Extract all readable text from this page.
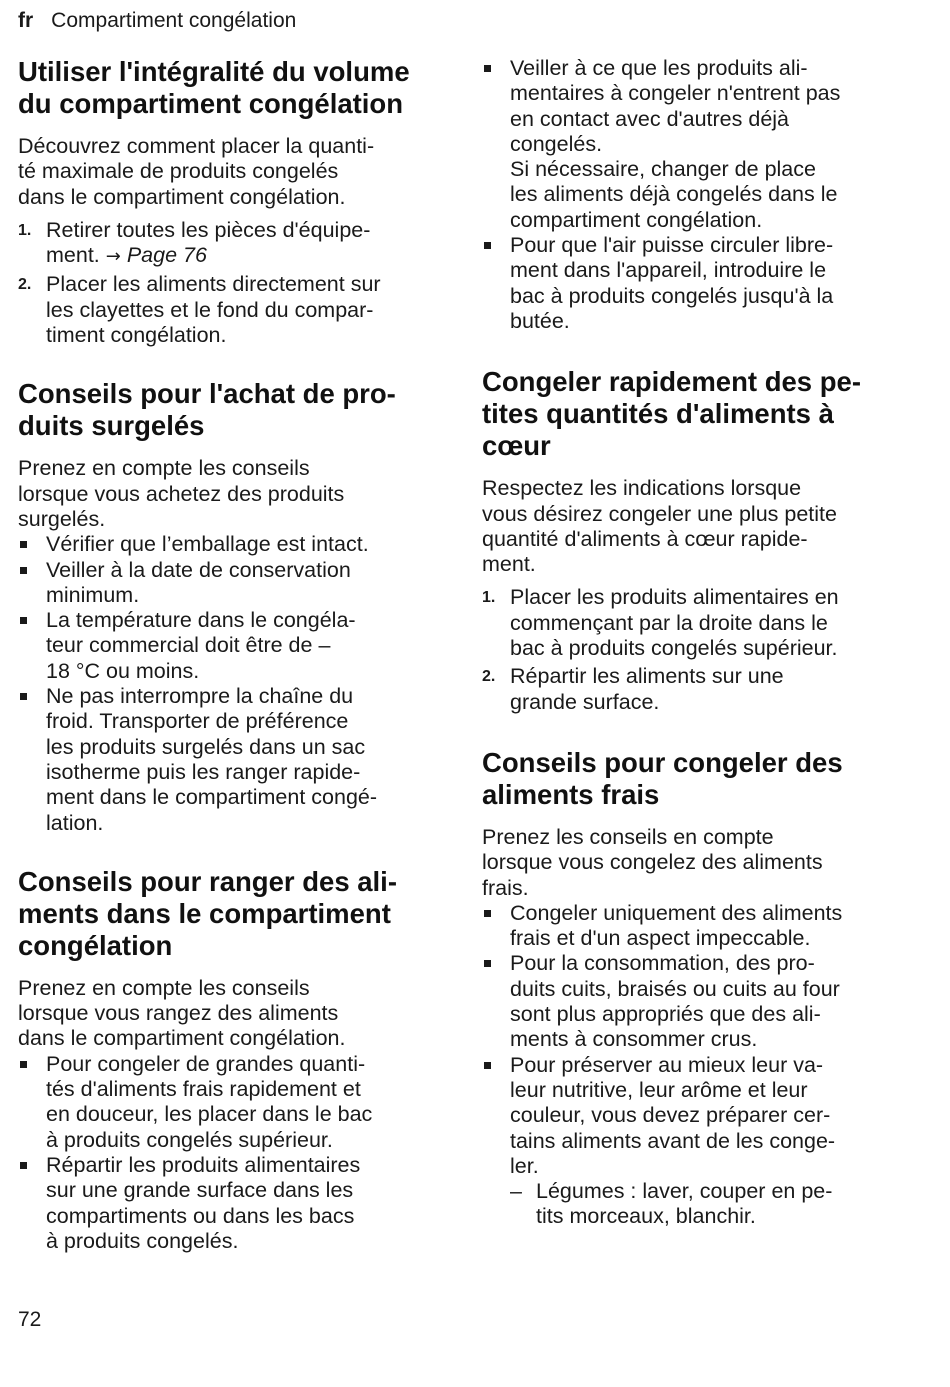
fr Compartiment congélation
Utiliser l'intégralité du volume
du compartiment congélation
Découvrez comment placer la quanti-
té maximale de produits congelés
dans le compartiment congélation.
1. Retirer toutes les pièces d'équipe-
ment. → Page 76
2. Placer les aliments directement sur
les clayettes et le fond du compar-
timent congélation.
Conseils pour l'achat de pro-
duits surgelés
Prenez en compte les conseils
lorsque vous achetez des produits
surgelés.
Vérifier que l’emballage est intact.
Veiller à la date de conservation
minimum.
La température dans le congéla-
teur commercial doit être de –
18 °C ou moins.
Ne pas interrompre la chaîne du
froid. Transporter de préférence
les produits surgelés dans un sac
isotherme puis les ranger rapide-
ment dans le compartiment congé-
lation.
Conseils pour ranger des ali-
ments dans le compartiment
congélation
Prenez en compte les conseils
lorsque vous rangez des aliments
dans le compartiment congélation.
Pour congeler de grandes quanti-
tés d'aliments frais rapidement et
en douceur, les placer dans le bac
à produits congelés supérieur.
Répartir les produits alimentaires
sur une grande surface dans les
compartiments ou dans les bacs
à produits congelés.
Veiller à ce que les produits ali-
mentaires à congeler n'entrent pas
en contact avec d'autres déjà
congelés.
Si nécessaire, changer de place
les aliments déjà congelés dans le
compartiment congélation.
Pour que l'air puisse circuler libre-
ment dans l'appareil, introduire le
bac à produits congelés jusqu'à la
butée.
Congeler rapidement des pe-
tites quantités d'aliments à
cœur
Respectez les indications lorsque
vous désirez congeler une plus petite
quantité d'aliments à cœur rapide-
ment.
1. Placer les produits alimentaires en
commençant par la droite dans le
bac à produits congelés supérieur.
2. Répartir les aliments sur une
grande surface.
Conseils pour congeler des
aliments frais
Prenez les conseils en compte
lorsque vous congelez des aliments
frais.
Congeler uniquement des aliments
frais et d'un aspect impeccable.
Pour la consommation, des pro-
duits cuits, braisés ou cuits au four
sont plus appropriés que des ali-
ments à consommer crus.
Pour préserver au mieux leur va-
leur nutritive, leur arôme et leur
couleur, vous devez préparer cer-
tains aliments avant de les conge-
ler.
– Légumes : laver, couper en pe-
tits morceaux, blanchir.
72
